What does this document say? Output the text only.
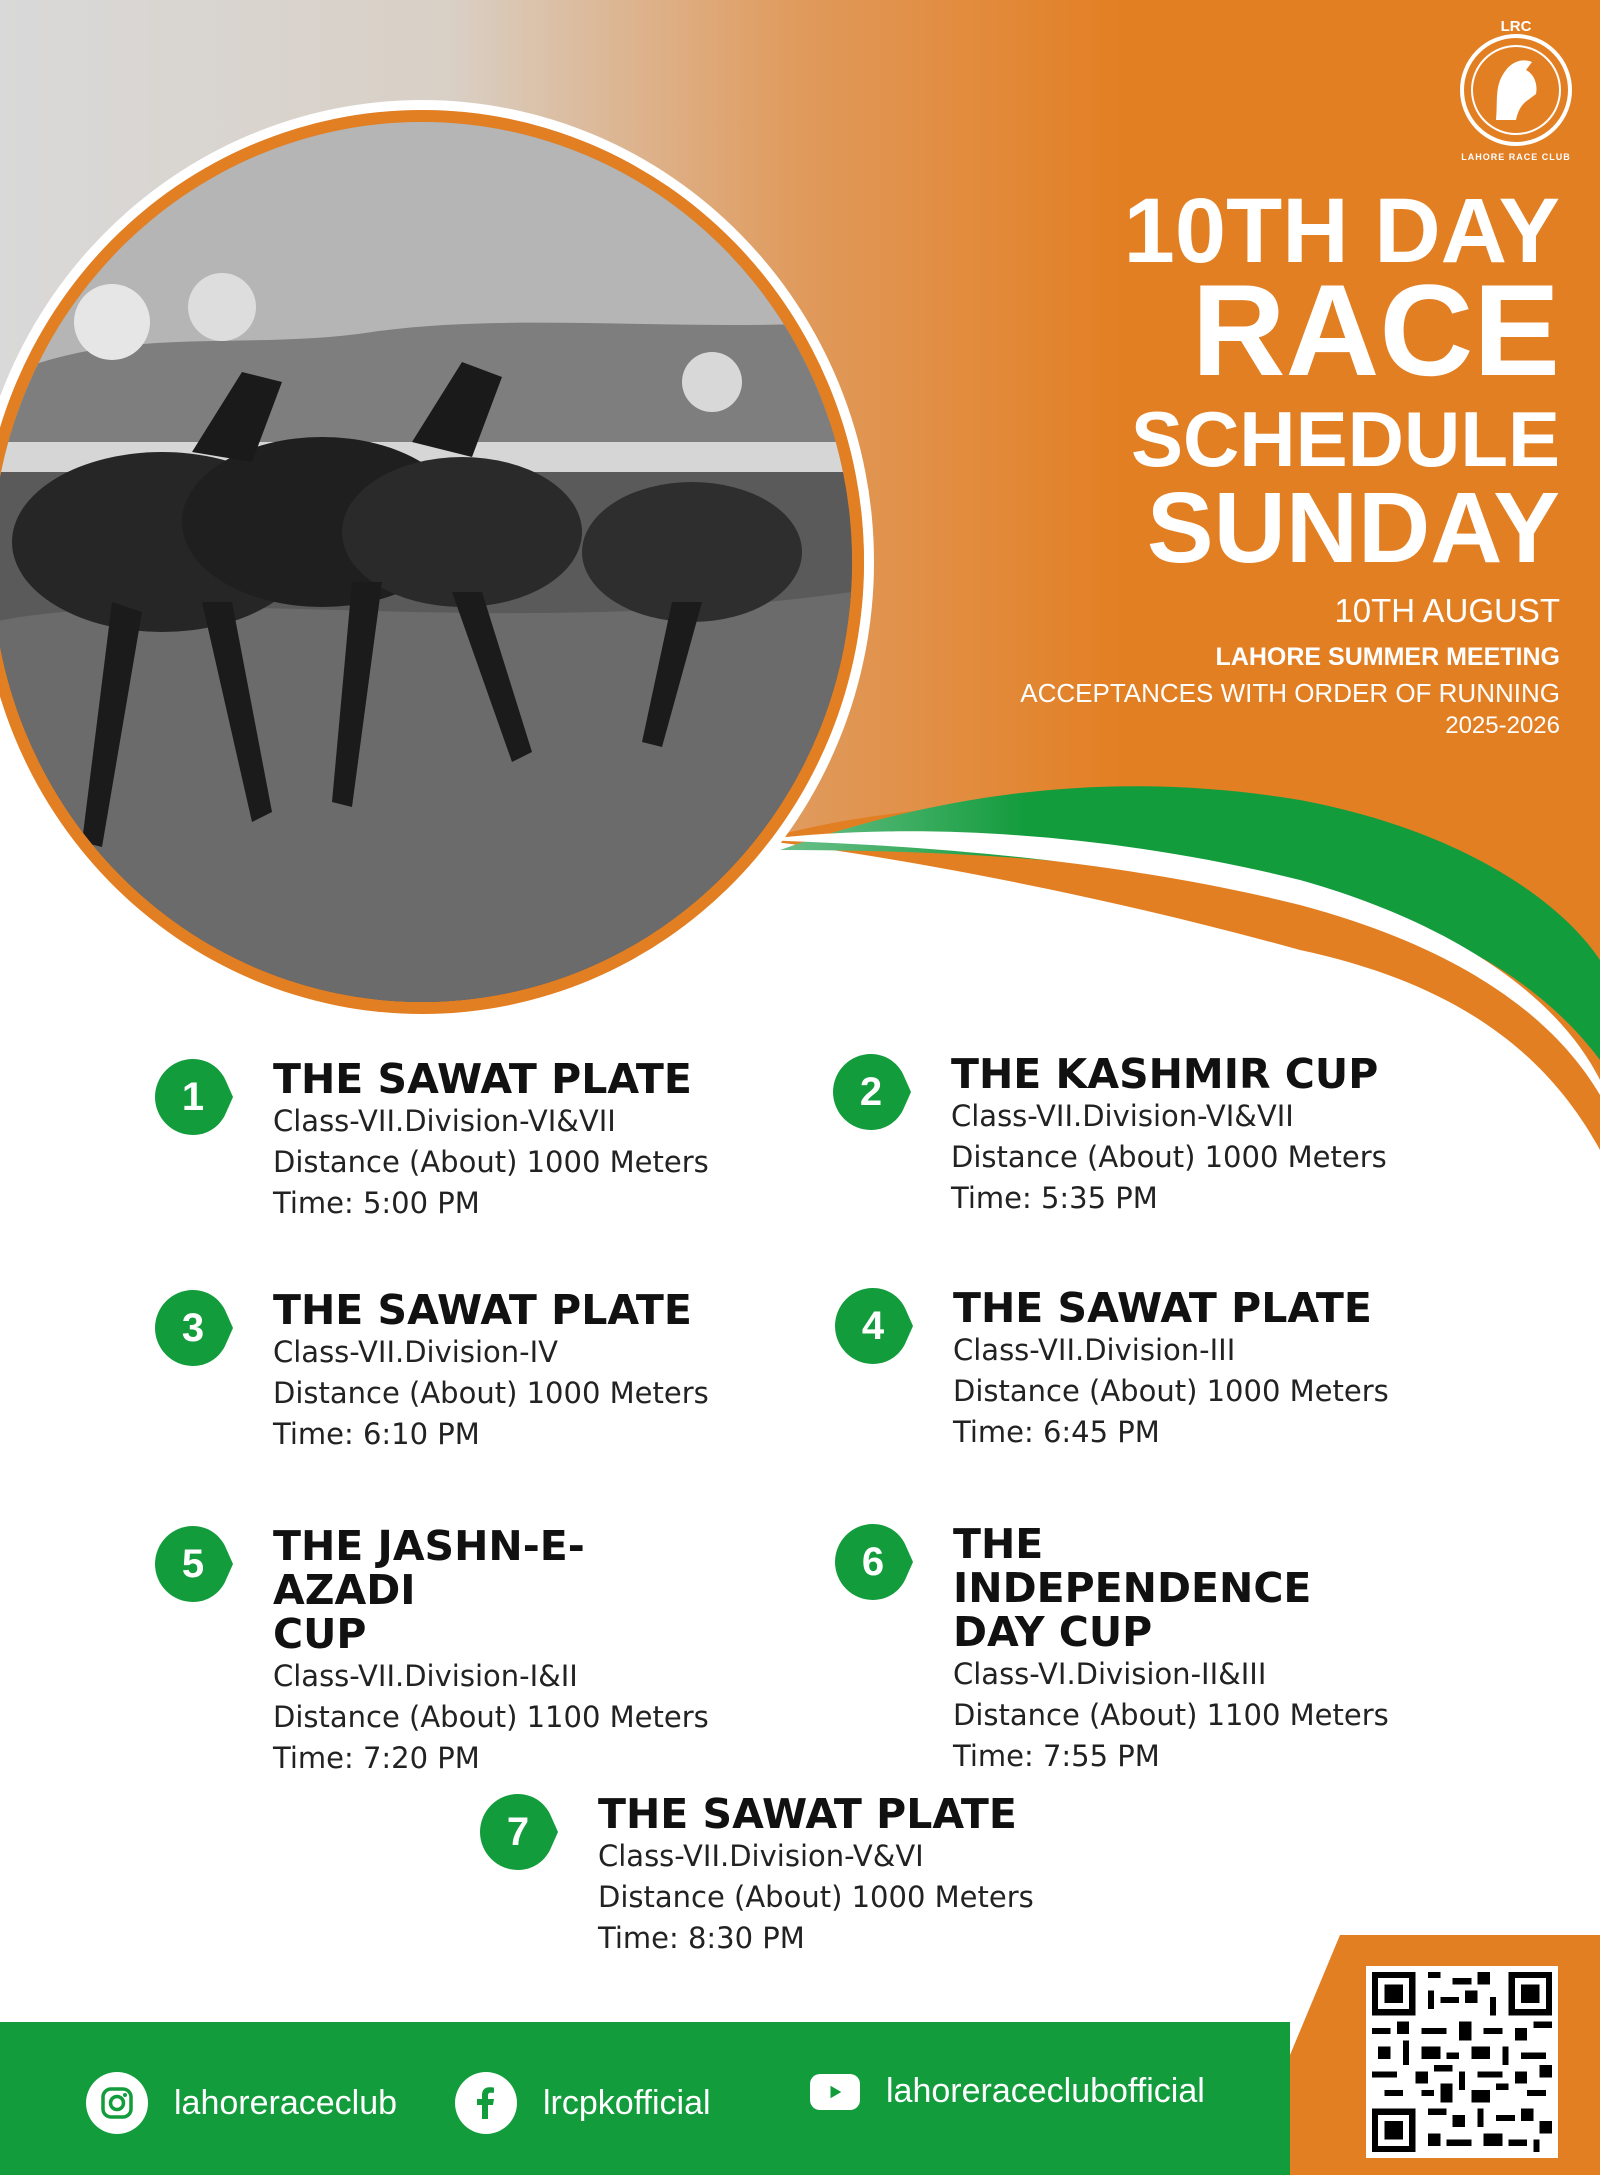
LRC
LAHORE RACE CLUB
10TH DAY
RACE
SCHEDULE
SUNDAY
10TH AUGUST
LAHORE SUMMER MEETING
ACCEPTANCES WITH ORDER OF RUNNING
2025-2026
1	THE SAWAT PLATE

Class-VII.Division-VI&VII

Distance (About) 1000 Meters

Time: 5:00 PM

2	THE KASHMIR CUP

Class-VII.Division-VI&VII

Distance (About) 1000 Meters

Time: 5:35 PM

3	THE SAWAT PLATE

Class-VII.Division-IV

Distance (About) 1000 Meters

Time: 6:10 PM

4	THE SAWAT PLATE

Class-VII.Division-III

Distance (About) 1000 Meters

Time: 6:45 PM

5	THE JASHN-E-AZADI

CUP

Class-VII.Division-I&II

Distance (About) 1100 Meters

Time: 7:20 PM

6	THE INDEPENDENCE

DAY CUP

Class-VI.Division-II&III

Distance (About) 1100 Meters

Time: 7:55 PM

7	THE SAWAT PLATE

Class-VII.Division-V&VI

Distance (About) 1000 Meters

Time: 8:30 PM

lahoreraceclub	lrcpkofficial	lahoreraceclubofficial
